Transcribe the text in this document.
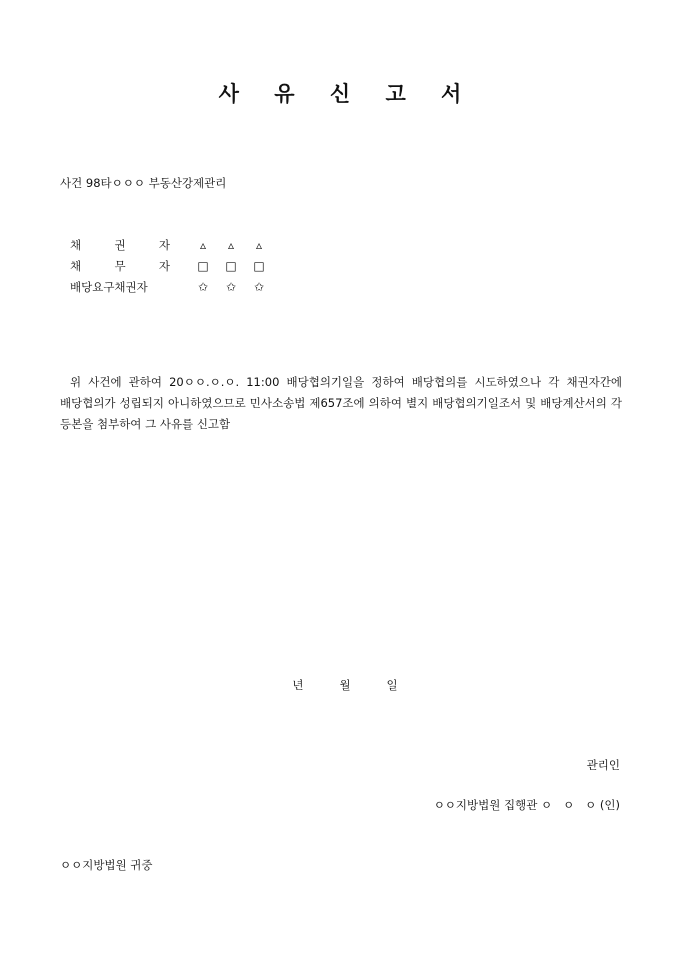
사 유 신 고 서
사건 98타ㅇㅇㅇ 부동산강제관리
채	권	자	▵	▵	▵
채	무	자 □ □ □
배당요구채권자	✩ ✩ ✩
위 사건에 관하여 20ㅇㅇ.ㅇ.ㅇ. 11:00 배당협의기일을 정하여 배당협의를 시도하였으나 각 채권자간에 배당협의가 성립되지 아니하였으므로 민사소송법 제657조에 의하여 별지 배당협의기일조서 및 배당계산서의 각 등본을 첨부하여 그 사유를 신고함
년	월	일
관리인
ㅇㅇ지방법원 집행관 ㅇ   ㅇ   ㅇ (인)
ㅇㅇ지방법원 귀중
